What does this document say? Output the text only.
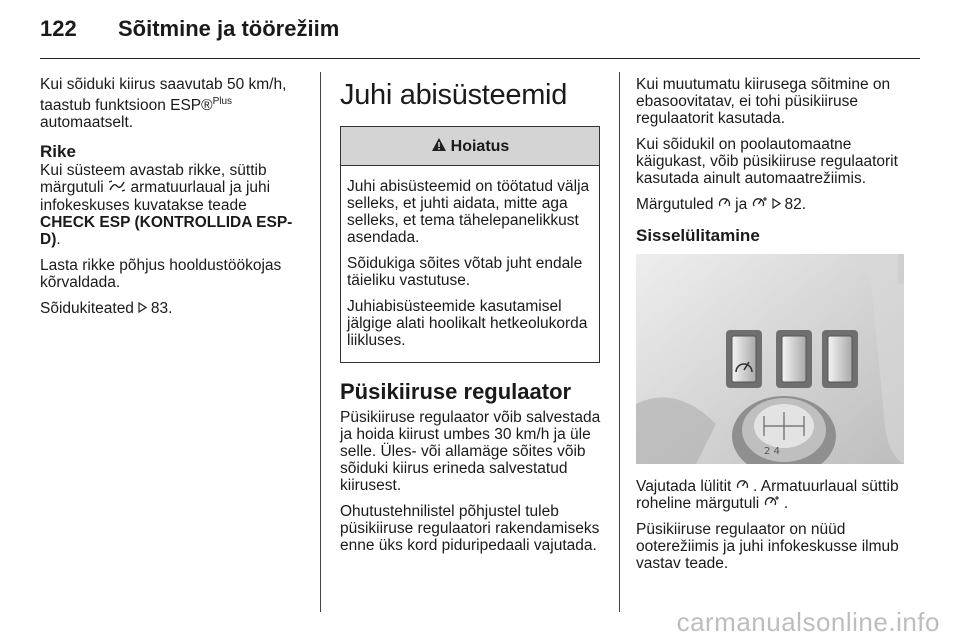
122	Sõitmine ja töörežiim

Kui sõiduki kiirus saavutab 50 km/h, taastub funktsioon ESP®$^{Plus}$
automaatselt.

Rike

Kui süsteem avastab rikke, süttib märgutuli armatuurlaual ja juhi infokeskuses kuvatakse teade CHECK ESP (KONTROLLIDA ESP-D).

Lasta rikke põhjus hooldustöökojas kõrvaldada.

Sõidukiteated 83.

Juhi abisüsteemid
Hoiatus

Juhi abisüsteemid on töötatud välja selleks, et juhti aidata, mitte aga selleks, et tema tähelepanelikkust asendada.

Sõidukiga sõites võtab juht endale täieliku vastutuse.

Juhiabisüsteemide kasutamisel jälgige alati hoolikalt hetkeolukorda liikluses.

Püsikiiruse regulaator

Püsikiiruse regulaator võib salvestada ja hoida kiirust umbes 30 km/h ja üle selle. Üles- või allamäge sõites võib sõiduki kiirus erineda salvestatud kiirusest.

Ohutustehnilistel põhjustel tuleb püsikiiruse regulaatori rakendamiseks enne üks kord piduripedaali vajutada.

Kui muutumatu kiirusega sõitmine on ebasoovitatav, ei tohi püsikiiruse regulaatorit kasutada.

Kui sõidukil on poolautomaatne käigukast, võib püsikiiruse regulaatorit kasutada ainult automaatrežiimis.

Märgutuled ja 82.

Sisselülitamine
2 4

Vajutada lülitit . Armatuurlaual süttib roheline märgutuli .

Püsikiiruse regulaator on nüüd ooterežiimis ja juhi infokeskusse ilmub vastav teade.

carmanualsonline.info
